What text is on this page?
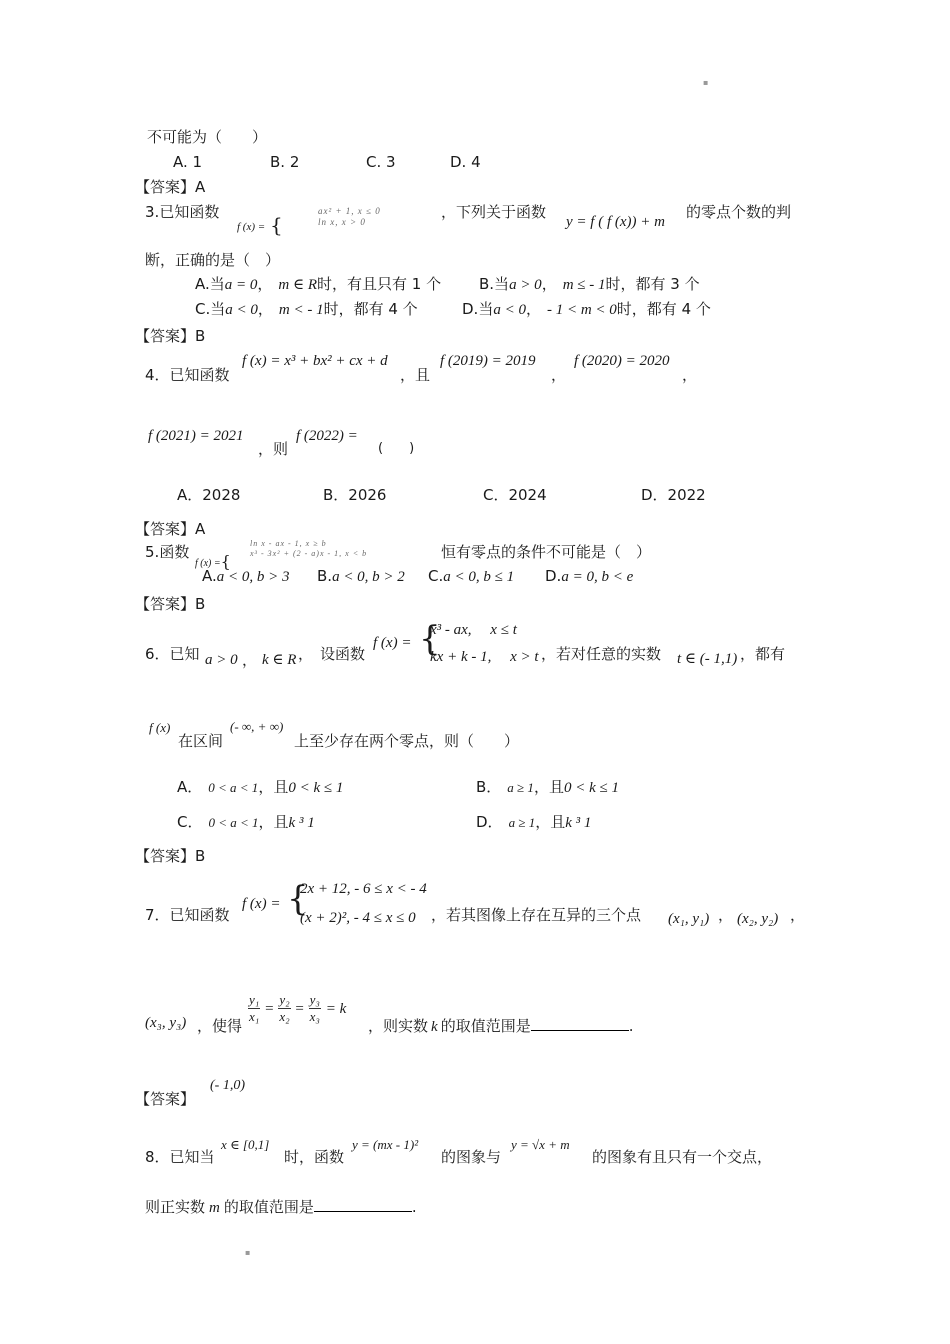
▪
▪
不可能为（　　）
A. 1	B. 2	C. 3	D. 4
【答案】A
3.已知函数
f (x) = {
ax² + 1, x ≤ 0
ln x, x > 0
，下列关于函数
y = f ( f (x)) + m
的零点个数的判
断，正确的是（　）
A.当a = 0， m ∈ R时，有且只有 1 个	B.当a > 0， m ≤ - 1时，都有 3 个
C.当a < 0， m < - 1时，都有 4 个	D.当a < 0， - 1 < m < 0时，都有 4 个
【答案】B
4．已知函数
f (x) = x³ + bx² + cx + d
，且
f (2019) = 2019
，
f (2020) = 2020
，
f (2021) = 2021
，则
f (2022) =
(　　)
A．2028	B．2026	C．2024	D．2022
【答案】A
5.函数
f (x) ={
ln x - ax - 1, x ≥ b
x³ - 3x² + (2 - a)x - 1, x < b	恒有零点的条件不可能是（　）
A.a < 0, b > 3 B.a < 0, b > 2 C.a < 0, b ≤ 1 D.a = 0, b < e
【答案】B
6．已知 a > 0 ， k ∈ R ， 设函数
f (x) = {
x³ - ax,　 x ≤ t
kx + k - 1,　 x > t ，若对任意的实数 t ∈ (- 1,1) ，都有
f (x)
在区间
(- ∞, + ∞)
上至少存在两个零点，则（　　）
A． 0 < a < 1，且0 < k ≤ 1	B． a ≥ 1，且0 < k ≤ 1
C． 0 < a < 1，且k ³ 1	D． a ≥ 1，且k ³ 1
【答案】B
7．已知函数
f (x) = {
2x + 12, - 6 ≤ x < - 4
(x + 2)², - 4 ≤ x ≤ 0 ，若其图像上存在互异的三个点 (x₁, y₁) ， (x₂, y₂) ，
(x₃, y₃) ，使得
$\frac{\text{y₁}}{\text{x₁}} = \frac{\text{y₂}}{\text{x₂}} = \frac{\text{y₃}}{\text{x₃}} = k$
，则实数 k 的取值范围是	.
【答案】
(- 1,0)
8．已知当
x ∈ [0,1]
时，函数
y = (mx - 1)²
的图象与
y = √x + m
的图象有且只有一个交点，
则正实数 m 的取值范围是	.
